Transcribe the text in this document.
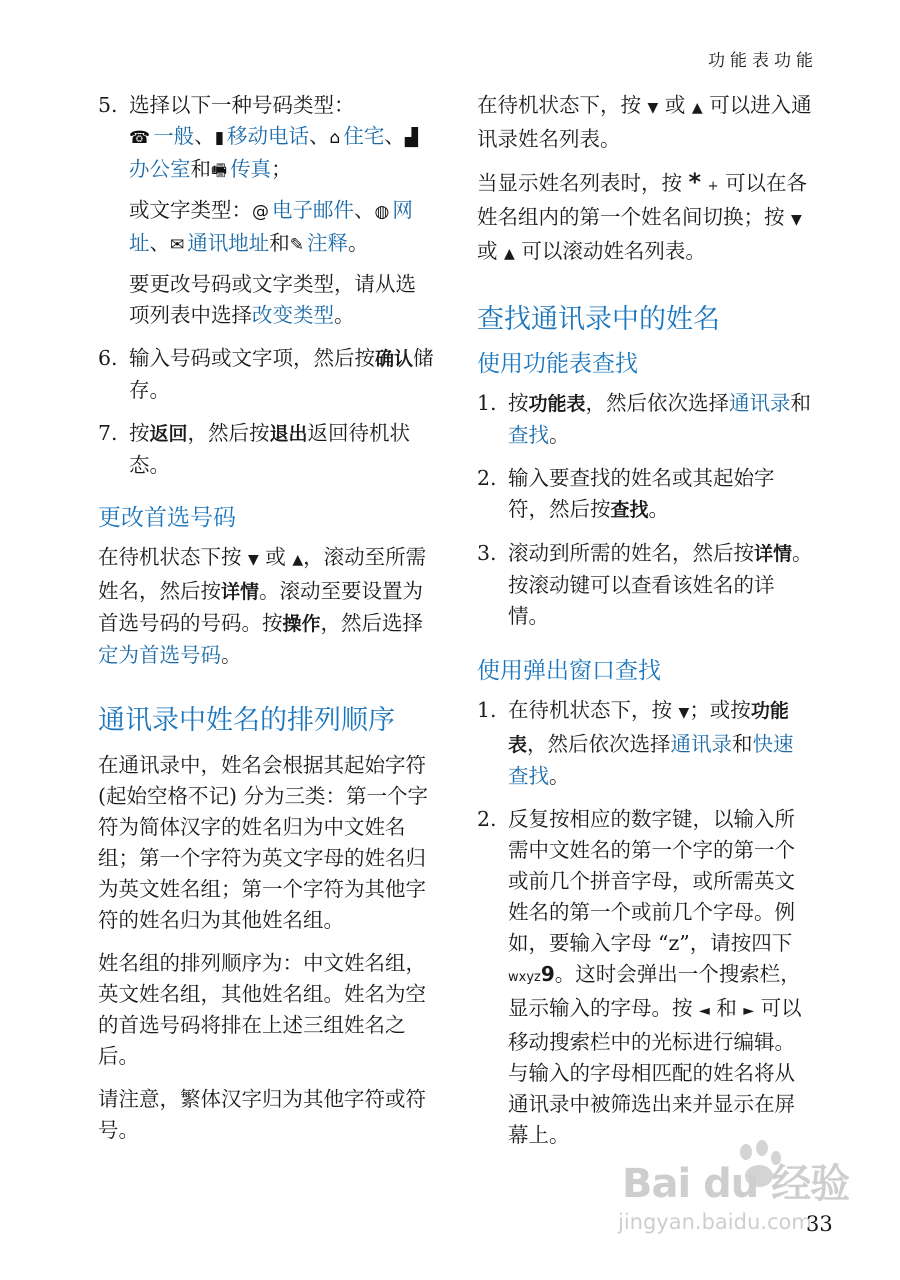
功能表功能
5. 选择以下一种号码类型：
☎ 一般、▮ 移动电话、⌂ 住宅、▟办公室和🖷 传真；
或文字类型：@ 电子邮件、◍ 网址、✉ 通讯地址和✎ 注释。
要更改号码或文字类型，请从选项列表中选择改变类型。
6. 输入号码或文字项，然后按确认储存。
7. 按返回，然后按退出返回待机状态。
更改首选号码

在待机状态下按 ▼ 或 ▲，滚动至所需姓名，然后按详情。滚动至要设置为首选号码的号码。按操作，然后选择定为首选号码。

通讯录中姓名的排列顺序

在通讯录中，姓名会根据其起始字符 (起始空格不记) 分为三类：第一个字符为简体汉字的姓名归为中文姓名组；第一个字符为英文字母的姓名归为英文姓名组；第一个字符为其他字符的姓名归为其他姓名组。

姓名组的排列顺序为：中文姓名组，英文姓名组，其他姓名组。姓名为空的首选号码将排在上述三组姓名之后。

请注意，繁体汉字归为其他字符或符号。

在待机状态下，按 ▼ 或 ▲ 可以进入通讯录姓名列表。

当显示姓名列表时，按 * + 可以在各姓名组内的第一个姓名间切换；按 ▼ 或 ▲ 可以滚动姓名列表。

查找通讯录中的姓名
使用功能表查找
1. 按功能表，然后依次选择通讯录和查找。
2. 输入要查找的姓名或其起始字符，然后按查找。
3. 滚动到所需的姓名，然后按详情。按滚动键可以查看该姓名的详情。
使用弹出窗口查找
1. 在待机状态下，按 ▼；或按功能表，然后依次选择通讯录和快速查找。
2. 反复按相应的数字键，以输入所需中文姓名的第一个字的第一个或前几个拼音字母，或所需英文姓名的第一个或前几个字母。例如，要输入字母 “z”，请按四下 wxyz9。这时会弹出一个搜索栏，显示输入的字母。按 ◄ 和 ► 可以移动搜索栏中的光标进行编辑。与输入的字母相匹配的姓名将从通讯录中被筛选出来并显示在屏幕上。
Bai du 经验
jingyan.baidu.com
33
